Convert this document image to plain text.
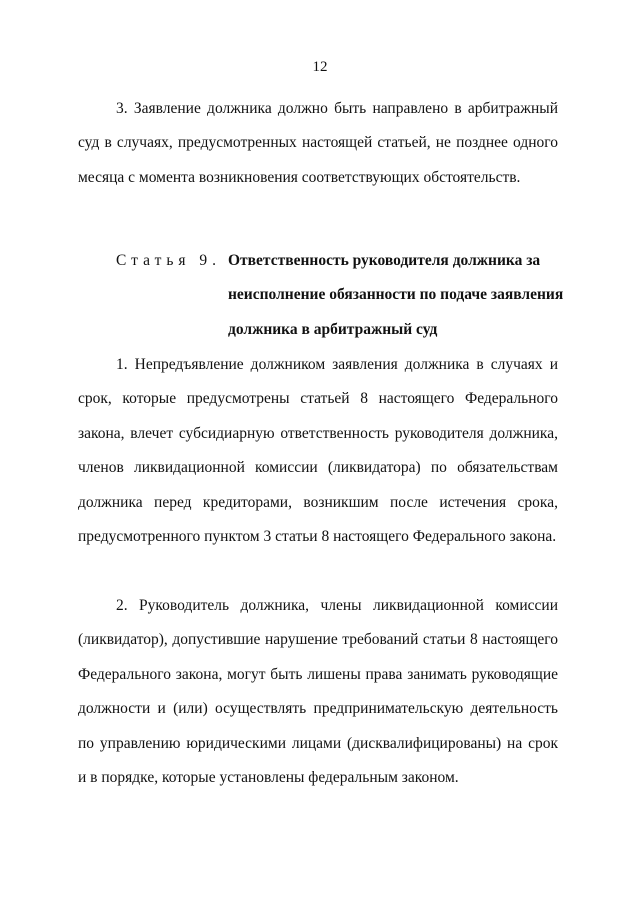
12

3. Заявление должника должно быть направлено в арбитражный суд в случаях, предусмотренных настоящей статьей, не позднее одного месяца с момента возникновения соответствующих обстоятельств.

Статья 9. Ответственность руководителя должника за
неисполнение обязанности по подаче заявления
должника в арбитражный суд

1. Непредъявление должником заявления должника в случаях и срок, которые предусмотрены статьей 8 настоящего Федерального закона, влечет субсидиарную ответственность руководителя должника, членов ликвидационной комиссии (ликвидатора) по обязательствам должника перед кредиторами, возникшим после истечения срока, предусмотренного пунктом 3 статьи 8 настоящего Федерального закона.

2. Руководитель должника, члены ликвидационной комиссии (ликвидатор), допустившие нарушение требований статьи 8 настоящего Федерального закона, могут быть лишены права занимать руководящие должности и (или) осуществлять предпринимательскую деятельность по управлению юридическими лицами (дисквалифицированы) на срок и в порядке, которые установлены федеральным законом.
